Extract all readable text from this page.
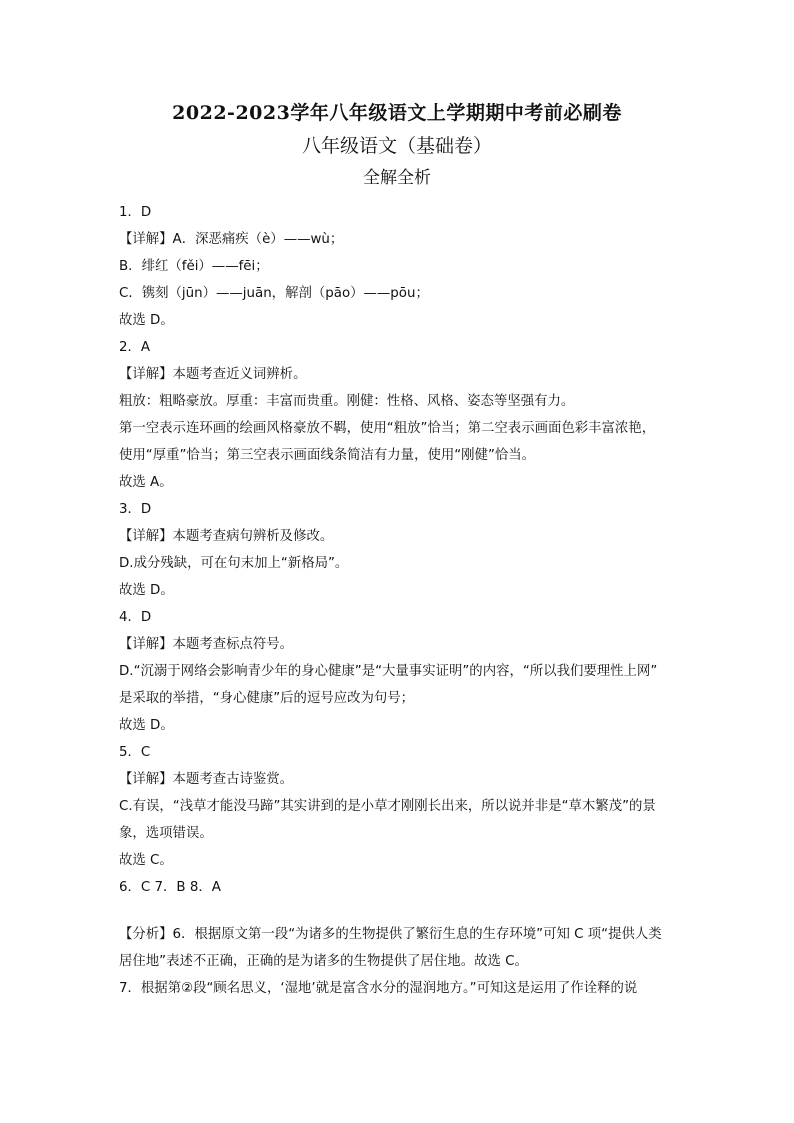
2022-2023学年八年级语文上学期期中考前必刷卷
八年级语文（基础卷）
全解全析
1．D
【详解】A．深恶痛疾（è）——wù；
B．绯红（fěi）——fēi；
C．镌刻（jūn）——juān，解剖（pāo）——pōu；
故选 D。
2．A
【详解】本题考查近义词辨析。
粗放：粗略豪放。厚重：丰富而贵重。刚健：性格、风格、姿态等坚强有力。
第一空表示连环画的绘画风格豪放不羁，使用“粗放”恰当；第二空表示画面色彩丰富浓艳，
使用“厚重”恰当；第三空表示画面线条简洁有力量，使用“刚健”恰当。
故选 A。
3．D
【详解】本题考查病句辨析及修改。
D.成分残缺，可在句末加上“新格局”。
故选 D。
4．D
【详解】本题考查标点符号。
D.“沉溺于网络会影响青少年的身心健康”是“大量事实证明”的内容，“所以我们要理性上网”
是采取的举措，“身心健康”后的逗号应改为句号；
故选 D。
5．C
【详解】本题考查古诗鉴赏。
C.有误，“浅草才能没马蹄”其实讲到的是小草才刚刚长出来，所以说并非是“草木繁茂”的景
象，选项错误。
故选 C。
6．C 7．B 8．A
【分析】6．根据原文第一段“为诸多的生物提供了繁衍生息的生存环境”可知 C 项“提供人类
居住地”表述不正确，正确的是为诸多的生物提供了居住地。故选 C。
7．根据第②段“顾名思义，‘湿地’就是富含水分的湿润地方。”可知这是运用了作诠释的说
